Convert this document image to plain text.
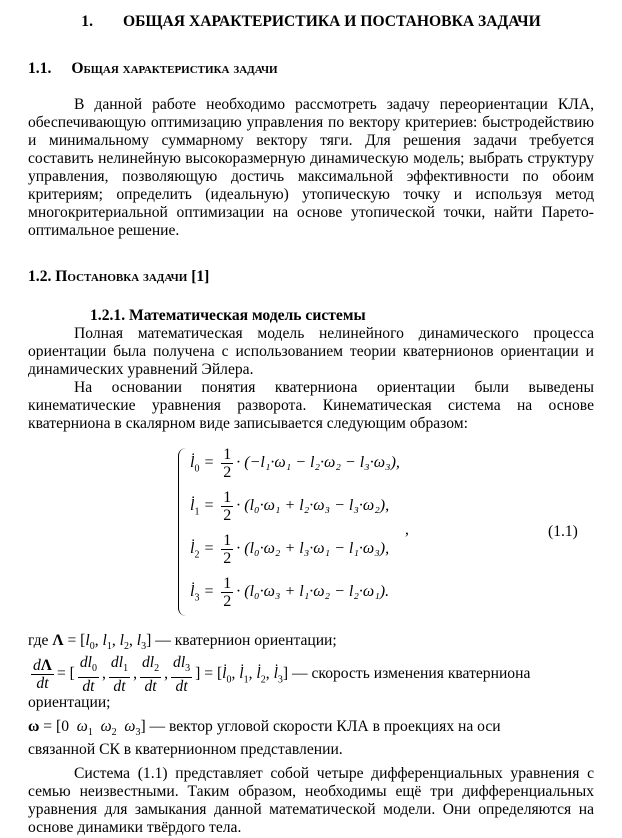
1. ОБЩАЯ ХАРАКТЕРИСТИКА И ПОСТАНОВКА ЗАДАЧИ
1.1. Общая характеристика задачи
В данной работе необходимо рассмотреть задачу переориентации КЛА, обеспечивающую оптимизацию управления по вектору критериев: быстродействию и минимальному суммарному вектору тяги. Для решения задачи требуется составить нелинейную высокоразмерную динамическую модель; выбрать структуру управления, позволяющую достичь максимальной эффективности по обоим критериям; определить (идеальную) утопическую точку и используя метод многокритериальной оптимизации на основе утопической точки, найти Парето-оптимальное решение.
1.2. Постановка задачи [1]
1.2.1. Математическая модель системы
Полная математическая модель нелинейного динамического процесса ориентации была получена с использованием теории кватернионов ориентации и динамических уравнений Эйлера.
На основании понятия кватерниона ориентации были выведены кинематические уравнения разворота. Кинематическая система на основе кватерниона в скалярном виде записывается следующим образом:
$l̇_0 = \frac{1}{2} \cdot (-l_1\cdot\omega_1 - l_2\cdot\omega_2 - l_3\cdot\omega_3)$,
$l̇_1 = \frac{1}{2} \cdot (l_0\cdot\omega_1 + l_2\cdot\omega_3 - l_3\cdot\omega_2)$,
$l̇_2 = \frac{1}{2} \cdot (l_0\cdot\omega_2 + l_3\cdot\omega_1 - l_1\cdot\omega_3)$,
$l̇_3 = \frac{1}{2} \cdot (l_0\cdot\omega_3 + l_1\cdot\omega_2 - l_2\cdot\omega_1)$.
,	(1.1)
где $\Lambda = [l_0$, $l_1$, $l_2$, $l_3$] — кватернион ориентации;
$\frac{d\Lambda}{dt}$ = [ $\frac{dl_0}{dt}$ , $\frac{dl_1}{dt}$ , $\frac{dl_2}{dt}$ , $\frac{dl_3}{dt}$ ] = [$l̇_0$, $l̇_1$, $l̇_2$, $l̇_3$] — скорость изменения кватерниона
ориентации;
ω = [0  $\omega_1$ $\omega_2$ $\omega_3$] — вектор угловой скорости КЛА в проекциях на оси
связанной СК в кватернионном представлении.
Система (1.1) представляет собой четыре дифференциальных уравнения с семью неизвестными. Таким образом, необходимы ещё три дифференциальных уравнения для замыкания данной математической модели. Они определяются на основе динамики твёрдого тела.
